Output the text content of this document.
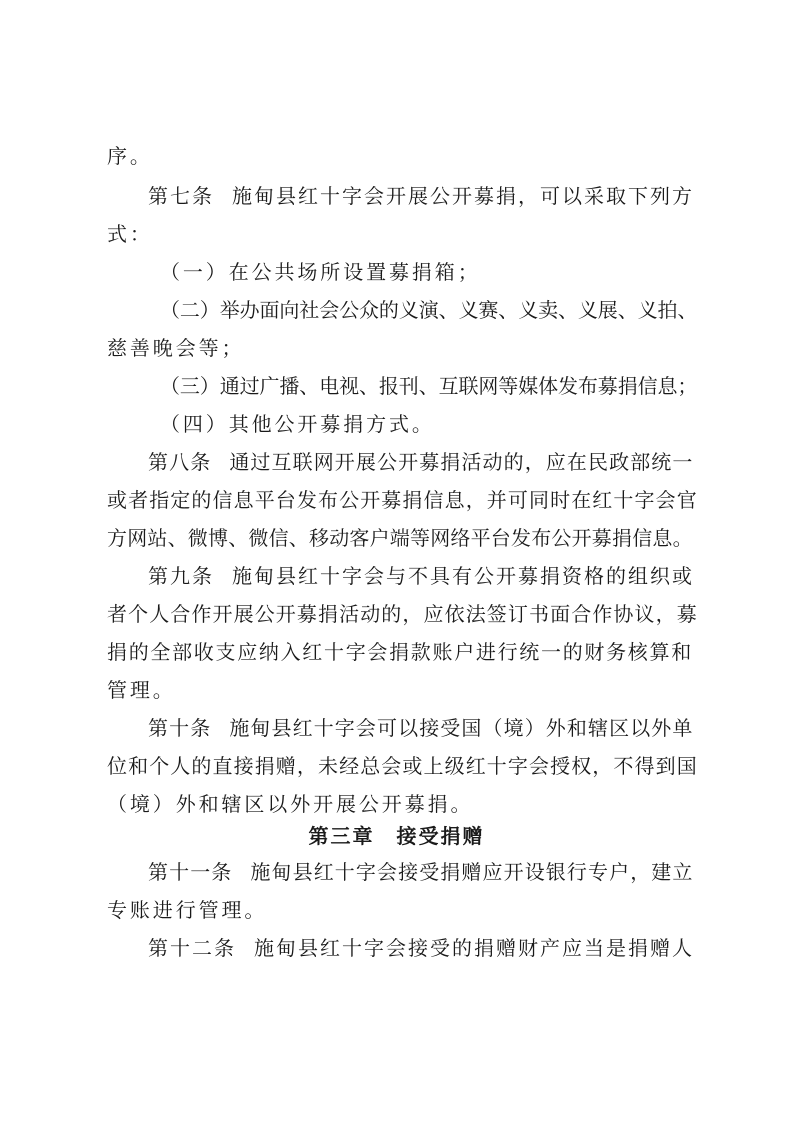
序。
第七条 施甸县红十字会开展公开募捐，可以采取下列方
式：
（一）在公共场所设置募捐箱；
（二）举办面向社会公众的义演、义赛、义卖、义展、义拍、
慈善晚会等；
（三）通过广播、电视、报刊、互联网等媒体发布募捐信息；
（四）其他公开募捐方式。
第八条 通过互联网开展公开募捐活动的，应在民政部统一
或者指定的信息平台发布公开募捐信息，并可同时在红十字会官
方网站、微博、微信、移动客户端等网络平台发布公开募捐信息。
第九条 施甸县红十字会与不具有公开募捐资格的组织或
者个人合作开展公开募捐活动的，应依法签订书面合作协议，募
捐的全部收支应纳入红十字会捐款账户进行统一的财务核算和
管理。
第十条 施甸县红十字会可以接受国（境）外和辖区以外单
位和个人的直接捐赠，未经总会或上级红十字会授权，不得到国
（境）外和辖区以外开展公开募捐。
第三章　接受捐赠
第十一条 施甸县红十字会接受捐赠应开设银行专户，建立
专账进行管理。
第十二条 施甸县红十字会接受的捐赠财产应当是捐赠人
